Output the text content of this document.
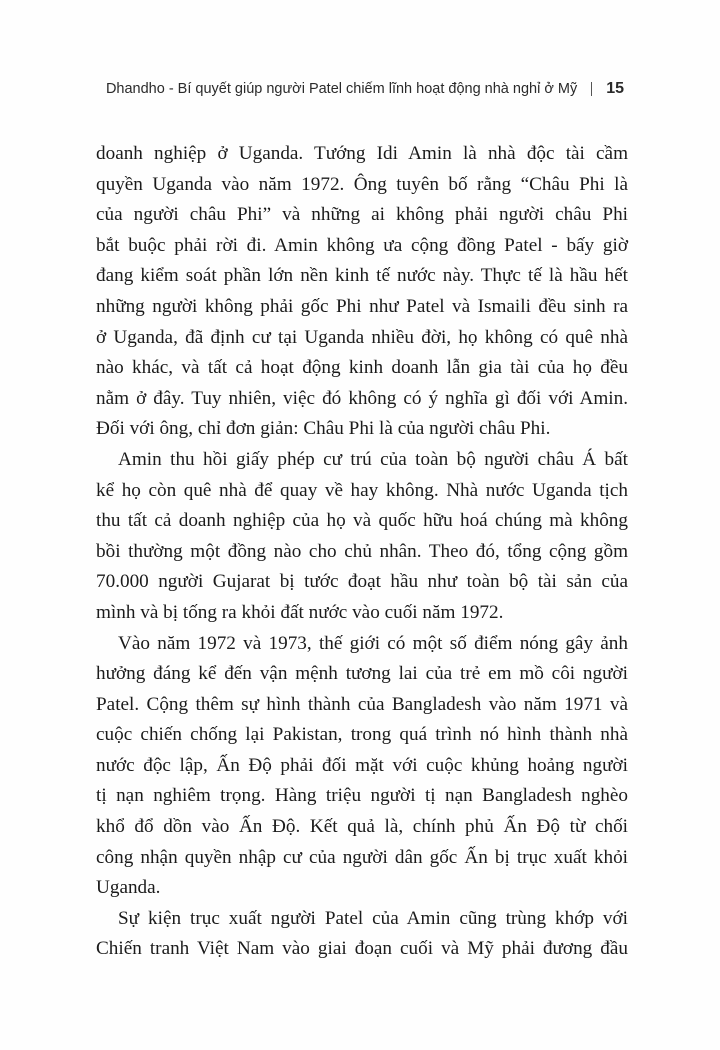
Dhandho - Bí quyết giúp người Patel chiếm lĩnh hoạt động nhà nghỉ ở Mỹ 15
doanh nghiệp ở Uganda. Tướng Idi Amin là nhà độc tài cầm
quyền Uganda vào năm 1972. Ông tuyên bố rằng “Châu Phi là
của người châu Phi” và những ai không phải người châu Phi
bắt buộc phải rời đi. Amin không ưa cộng đồng Patel - bấy giờ
đang kiểm soát phần lớn nền kinh tế nước này. Thực tế là hầu hết
những người không phải gốc Phi như Patel và Ismaili đều sinh ra
ở Uganda, đã định cư tại Uganda nhiều đời, họ không có quê nhà
nào khác, và tất cả hoạt động kinh doanh lẫn gia tài của họ đều
nằm ở đây. Tuy nhiên, việc đó không có ý nghĩa gì đối với Amin.
Đối với ông, chỉ đơn giản: Châu Phi là của người châu Phi.
Amin thu hồi giấy phép cư trú của toàn bộ người châu Á bất
kể họ còn quê nhà để quay về hay không. Nhà nước Uganda tịch
thu tất cả doanh nghiệp của họ và quốc hữu hoá chúng mà không
bồi thường một đồng nào cho chủ nhân. Theo đó, tổng cộng gồm
70.000 người Gujarat bị tước đoạt hầu như toàn bộ tài sản của
mình và bị tống ra khỏi đất nước vào cuối năm 1972.
Vào năm 1972 và 1973, thế giới có một số điểm nóng gây ảnh
hưởng đáng kể đến vận mệnh tương lai của trẻ em mồ côi người
Patel. Cộng thêm sự hình thành của Bangladesh vào năm 1971 và
cuộc chiến chống lại Pakistan, trong quá trình nó hình thành nhà
nước độc lập, Ấn Độ phải đối mặt với cuộc khủng hoảng người
tị nạn nghiêm trọng. Hàng triệu người tị nạn Bangladesh nghèo
khổ đổ dồn vào Ấn Độ. Kết quả là, chính phủ Ấn Độ từ chối
công nhận quyền nhập cư của người dân gốc Ấn bị trục xuất khỏi
Uganda.
Sự kiện trục xuất người Patel của Amin cũng trùng khớp với
Chiến tranh Việt Nam vào giai đoạn cuối và Mỹ phải đương đầu
